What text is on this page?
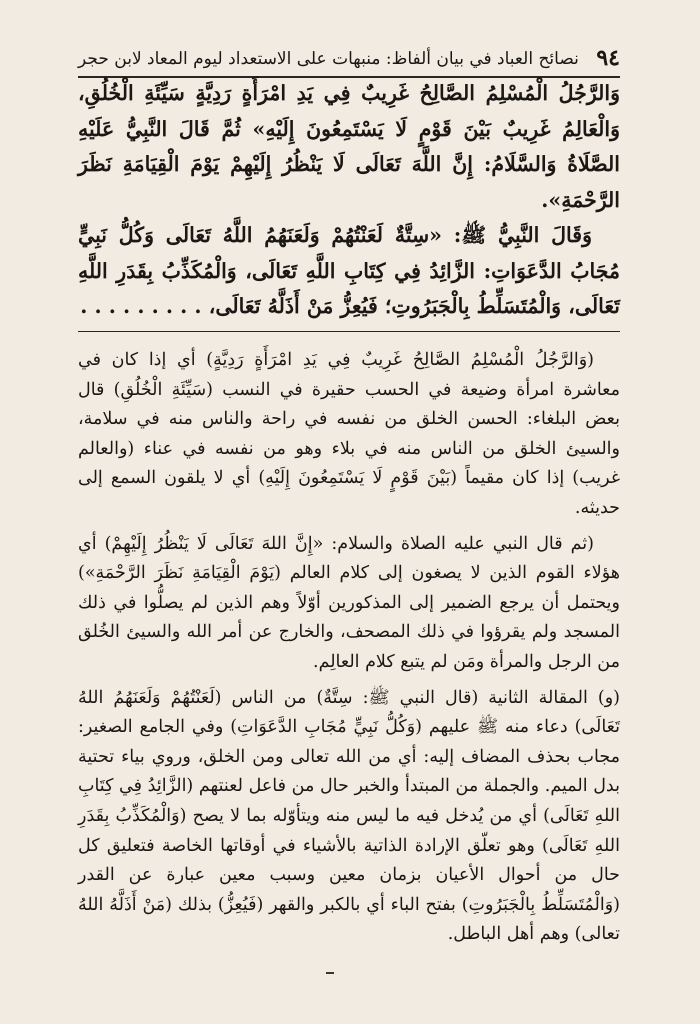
٩٤
نصائح العباد في بيان ألفاظ: منبهات على الاستعداد ليوم المعاد لابن حجر

وَالرَّجُلُ الْمُسْلِمُ الصَّالِحُ غَرِيبٌ فِي يَدِ امْرَأَةٍ رَدِيَّةٍ سَيِّئَةِ الْخُلُقِ، وَالْعَالِمُ غَرِيبٌ بَيْنَ قَوْمٍ لَا يَسْتَمِعُونَ إِلَيْهِ» ثُمَّ قَالَ النَّبِيُّ عَلَيْهِ الصَّلَاةُ وَالسَّلَامُ: إِنَّ اللَّهَ تَعَالَى لَا يَنْظُرُ إِلَيْهِمْ يَوْمَ الْقِيَامَةِ نَظَرَ الرَّحْمَةِ».

وَقَالَ النَّبِيُّ ﷺ: «سِتَّةٌ لَعَنْتُهُمْ وَلَعَنَهُمُ اللَّهُ تَعَالَى وَكُلُّ نَبِيٍّ مُجَابُ الدَّعَوَاتِ: الزَّائِدُ فِي كِتَابِ اللَّهِ تَعَالَى، وَالْمُكَذِّبُ بِقَدَرِ اللَّهِ تَعَالَى، وَالْمُتَسَلِّطُ بِالْجَبَرُوتِ؛ فَيُعِزُّ مَنْ أَذَلَّهُ تَعَالَى، . . . . . . . . .

(وَالرَّجُلُ الْمُسْلِمُ الصَّالِحُ غَرِيبٌ فِي يَدِ امْرَأَةٍ رَدِيَّةٍ) أي إذا كان في معاشرة امرأة وضيعة في الحسب حقيرة في النسب (سَيِّئَةِ الْخُلُقِ) قال بعض البلغاء: الحسن الخلق من نفسه في راحة والناس منه في سلامة، والسيئ الخلق من الناس منه في بلاء وهو من نفسه في عناء (والعالم غريب) إذا كان مقيماً (بَيْنَ قَوْمٍ لَا يَسْتَمِعُونَ إِلَيْهِ) أي لا يلقون السمع إلى حديثه.

(ثم قال النبي عليه الصلاة والسلام: «إِنَّ اللهَ تَعَالَى لَا يَنْظُرُ إِلَيْهِمْ) أي هؤلاء القوم الذين لا يصغون إلى كلام العالم (يَوْمَ الْقِيَامَةِ نَظَرَ الرَّحْمَةِ») ويحتمل أن يرجع الضمير إلى المذكورين أوّلاً وهم الذين لم يصلُّوا في ذلك المسجد ولم يقرؤوا في ذلك المصحف، والخارج عن أمر الله والسيئ الخُلق من الرجل والمرأة ومَن لم يتبع كلام العالِم.

(و) المقالة الثانية (قال النبي ﷺ: سِتَّةٌ) من الناس (لَعَنْتُهُمْ وَلَعَنَهُمُ اللهُ تَعَالَى) دعاء منه ﷺ عليهم (وَكُلُّ نَبِيٍّ مُجَابِ الدَّعَوَاتِ) وفي الجامع الصغير: مجاب بحذف المضاف إليه: أي من الله تعالى ومن الخلق، وروي بياء تحتية بدل الميم. والجملة من المبتدأ والخبر حال من فاعل لعنتهم (الزَّائِدُ فِي كِتَابِ اللهِ تَعَالَى) أي من يُدخل فيه ما ليس منه ويتأوّله بما لا يصح (وَالْمُكَذِّبُ بِقَدَرِ اللهِ تَعَالَى) وهو تعلّق الإرادة الذاتية بالأشياء في أوقاتها الخاصة فتعليق كل حال من أحوال الأعيان بزمان معين وسبب معين عبارة عن القدر (وَالْمُتَسَلِّطُ بِالْجَبَرُوتِ) بفتح الباء أي بالكبر والقهر (فَيُعِزُّ) بذلك (مَنْ أَذَلَّهُ اللهُ تعالى) وهم أهل الباطل.
